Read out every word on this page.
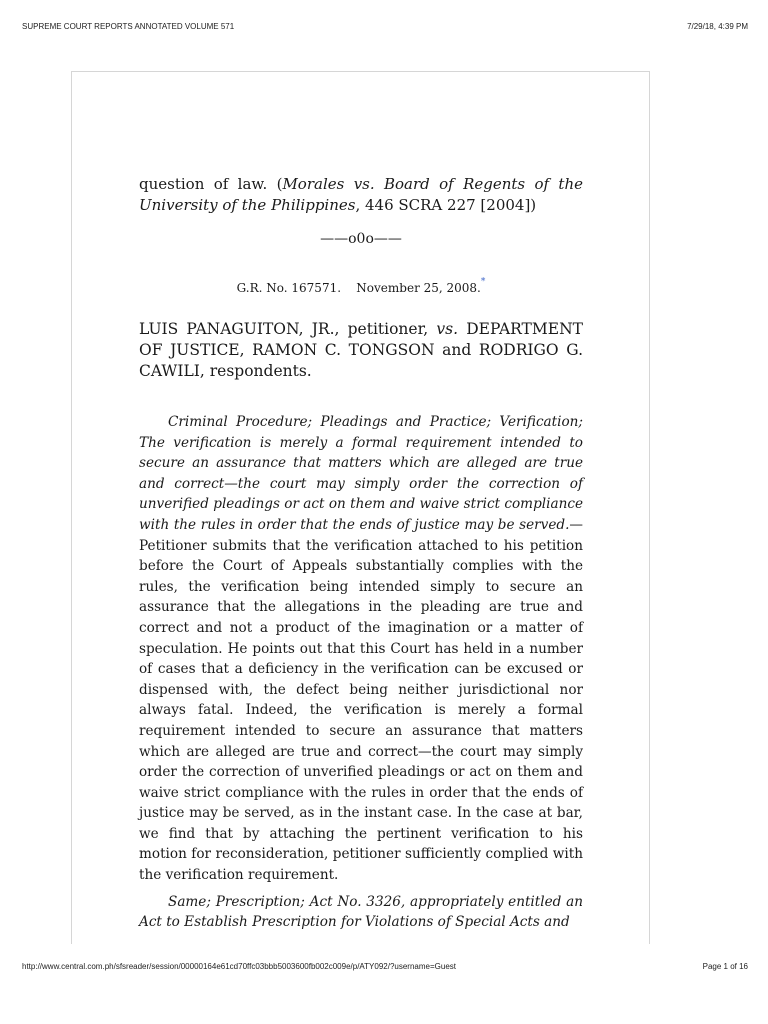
SUPREME COURT REPORTS ANNOTATED VOLUME 571	7/29/18, 4:39 PM

question of law. (Morales vs. Board of Regents of the University of the Philippines, 446 SCRA 227 [2004])

——o0o——
G.R. No. 167571. November 25, 2008.*

LUIS PANAGUITON, JR., petitioner, vs. DEPARTMENT OF JUSTICE, RAMON C. TONGSON and RODRIGO G. CAWILI, respondents.

Criminal Procedure; Pleadings and Practice; Verification; The verification is merely a formal requirement intended to secure an assurance that matters which are alleged are true and correct—the court may simply order the correction of unverified pleadings or act on them and waive strict compliance with the rules in order that the ends of justice may be served.—Petitioner submits that the verification attached to his petition before the Court of Appeals substantially complies with the rules, the verification being intended simply to secure an assurance that the allegations in the pleading are true and correct and not a product of the imagination or a matter of speculation. He points out that this Court has held in a number of cases that a deficiency in the verification can be excused or dispensed with, the defect being neither jurisdictional nor always fatal. Indeed, the verification is merely a formal requirement intended to secure an assurance that matters which are alleged are true and correct—the court may simply order the correction of unverified pleadings or act on them and waive strict compliance with the rules in order that the ends of justice may be served, as in the instant case. In the case at bar, we find that by attaching the pertinent verification to his motion for reconsideration, petitioner sufficiently complied with the verification requirement.

Same; Prescription; Act No. 3326, appropriately entitled an Act to Establish Prescription for Violations of Special Acts and

http://www.central.com.ph/sfsreader/session/00000164e61cd70ffc03bbb5003600fb002c009e/p/ATY092/?username=Guest	Page 1 of 16
